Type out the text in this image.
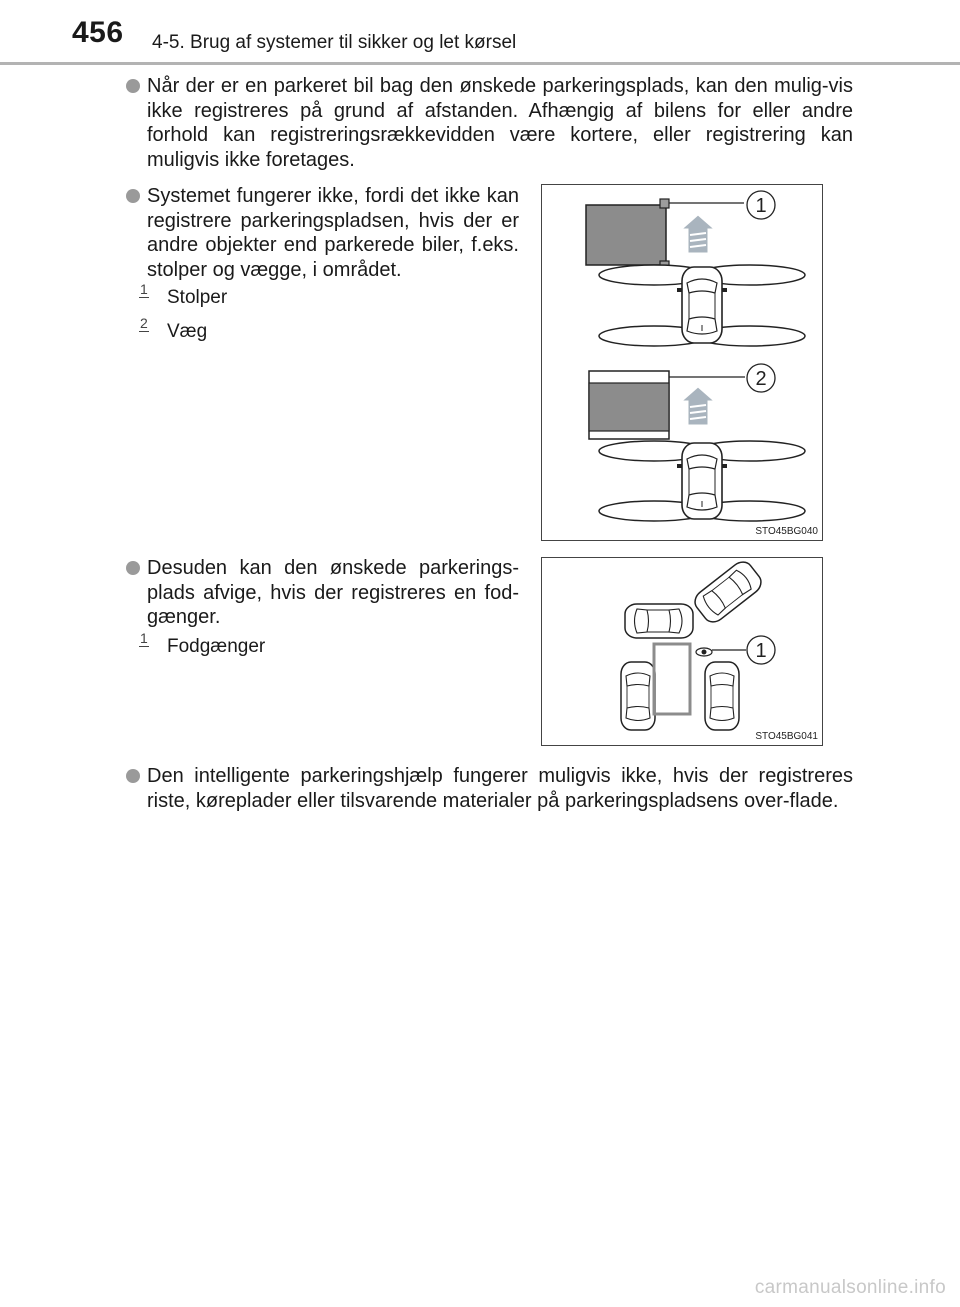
456 4-5. Brug af systemer til sikker og let kørsel
Når der er en parkeret bil bag den ønskede parkeringsplads, kan den mulig-vis ikke registreres på grund af afstanden. Afhængig af bilens for eller andre forhold kan registreringsrækkevidden være kortere, eller registrering kan muligvis ikke foretages.
Systemet fungerer ikke, fordi det ikke kan registrere parkeringspladsen, hvis der er andre objekter end parkerede biler, f.eks. stolper og vægge, i området.
1 Stolper
2 Væg
1
2
STO45BG040
Desuden kan den ønskede parkerings-plads afvige, hvis der registreres en fod-gænger.
1 Fodgænger	1
STO45BG041
Den intelligente parkeringshjælp fungerer muligvis ikke, hvis der registreres riste, køreplader eller tilsvarende materialer på parkeringspladsens over-flade.
carmanualsonline.info
